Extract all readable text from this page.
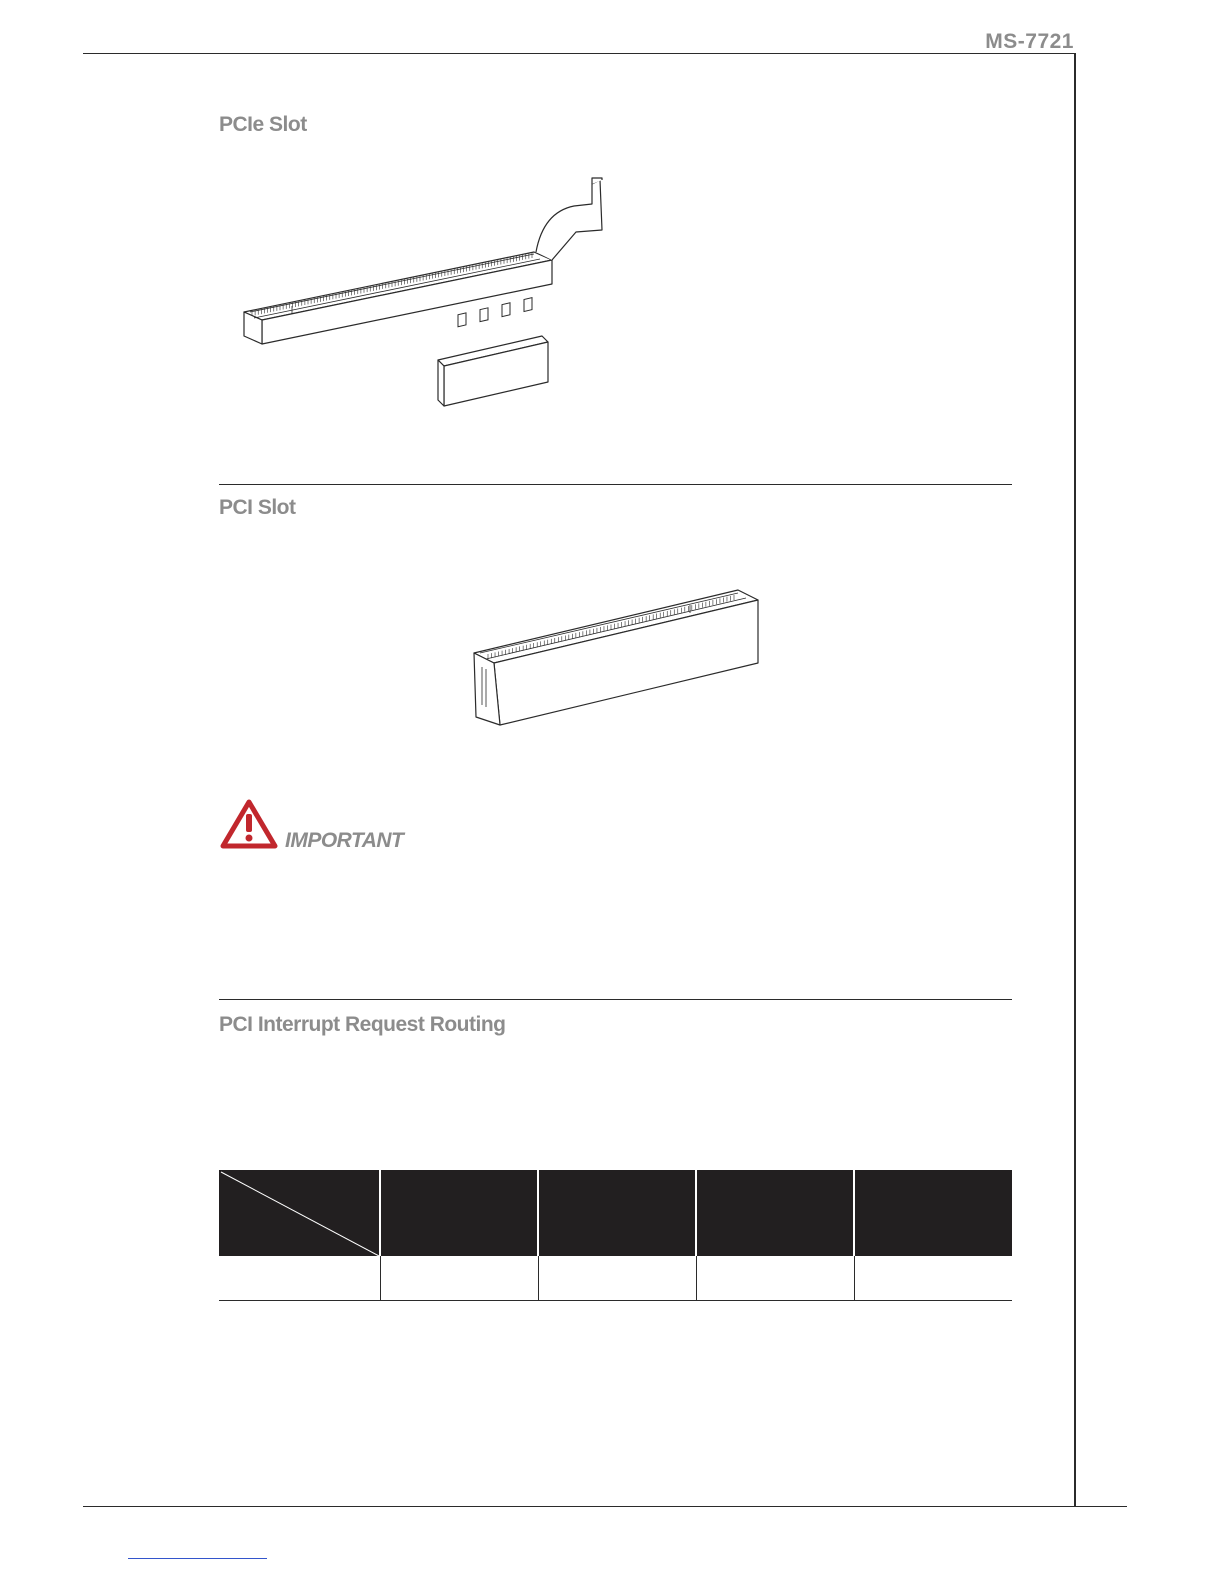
MS-7721
PCIe Slot
PCI Slot
IMPORTANT
PCI Interrupt Request Routing
